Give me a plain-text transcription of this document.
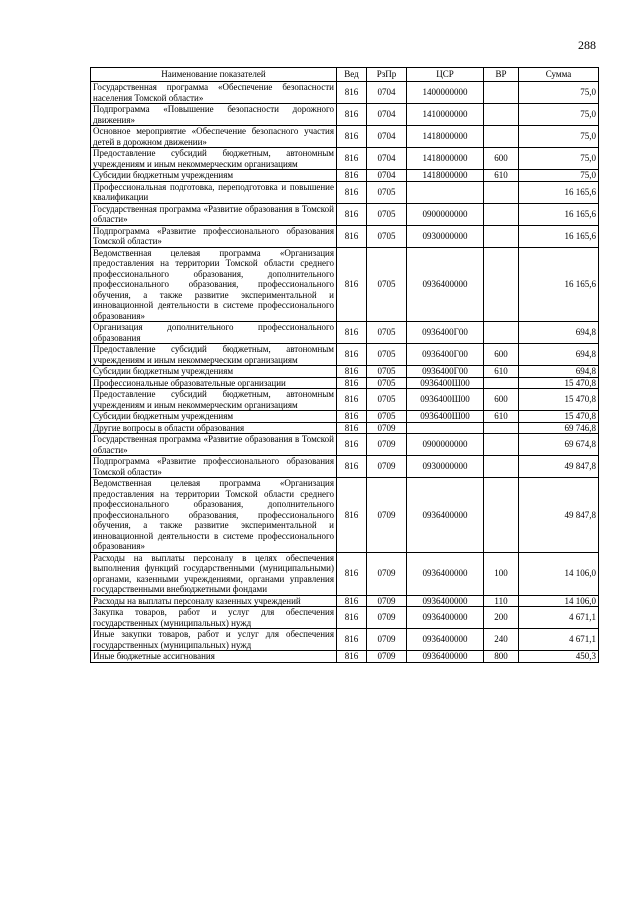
288
Наименование показателей	Вед	РзПр	ЦСР	ВР	Сумма
Государственная программа «Обеспечение безопасности населения Томской области»	816	0704	1400000000		75,0
Подпрограмма «Повышение безопасности дорожного движения»	816	0704	1410000000		75,0
Основное мероприятие «Обеспечение безопасного участия детей в дорожном движении»	816	0704	1418000000		75,0
Предоставление субсидий бюджетным, автономным учреждениям и иным некоммерческим организациям	816	0704	1418000000	600	75,0
Субсидии бюджетным учреждениям	816	0704	1418000000	610	75,0
Профессиональная подготовка, переподготовка и повышение квалификации	816	0705			16 165,6
Государственная программа «Развитие образования в Томской области»	816	0705	0900000000		16 165,6
Подпрограмма «Развитие профессионального образования Томской области»	816	0705	0930000000		16 165,6
Ведомственная целевая программа «Организация предоставления на территории Томской области среднего профессионального образования, дополнительного профессионального образования, профессионального обучения, а также развитие экспериментальной и инновационной деятельности в системе профессионального образования»	816	0705	0936400000		16 165,6
Организация дополнительного профессионального образования	816	0705	0936400Г00		694,8
Предоставление субсидий бюджетным, автономным учреждениям и иным некоммерческим организациям	816	0705	0936400Г00	600	694,8
Субсидии бюджетным учреждениям	816	0705	0936400Г00	610	694,8
Профессиональные образовательные организации	816	0705	0936400Ш00		15 470,8
Предоставление субсидий бюджетным, автономным учреждениям и иным некоммерческим организациям	816	0705	0936400Ш00	600	15 470,8
Субсидии бюджетным учреждениям	816	0705	0936400Ш00	610	15 470,8
Другие вопросы в области образования	816	0709			69 746,8
Государственная программа «Развитие образования в Томской области»	816	0709	0900000000		69 674,8
Подпрограмма «Развитие профессионального образования Томской области»	816	0709	0930000000		49 847,8
Ведомственная целевая программа «Организация предоставления на территории Томской области среднего профессионального образования, дополнительного профессионального образования, профессионального обучения, а также развитие экспериментальной и инновационной деятельности в системе профессионального образования»	816	0709	0936400000		49 847,8
Расходы на выплаты персоналу в целях обеспечения выполнения функций государственными (муниципальными) органами, казенными учреждениями, органами управления государственными внебюджетными фондами	816	0709	0936400000	100	14 106,0
Расходы на выплаты персоналу казенных учреждений	816	0709	0936400000	110	14 106,0
Закупка товаров, работ и услуг для обеспечения государственных (муниципальных) нужд	816	0709	0936400000	200	4 671,1
Иные закупки товаров, работ и услуг для обеспечения государственных (муниципальных) нужд	816	0709	0936400000	240	4 671,1
Иные бюджетные ассигнования	816	0709	0936400000	800	450,3
